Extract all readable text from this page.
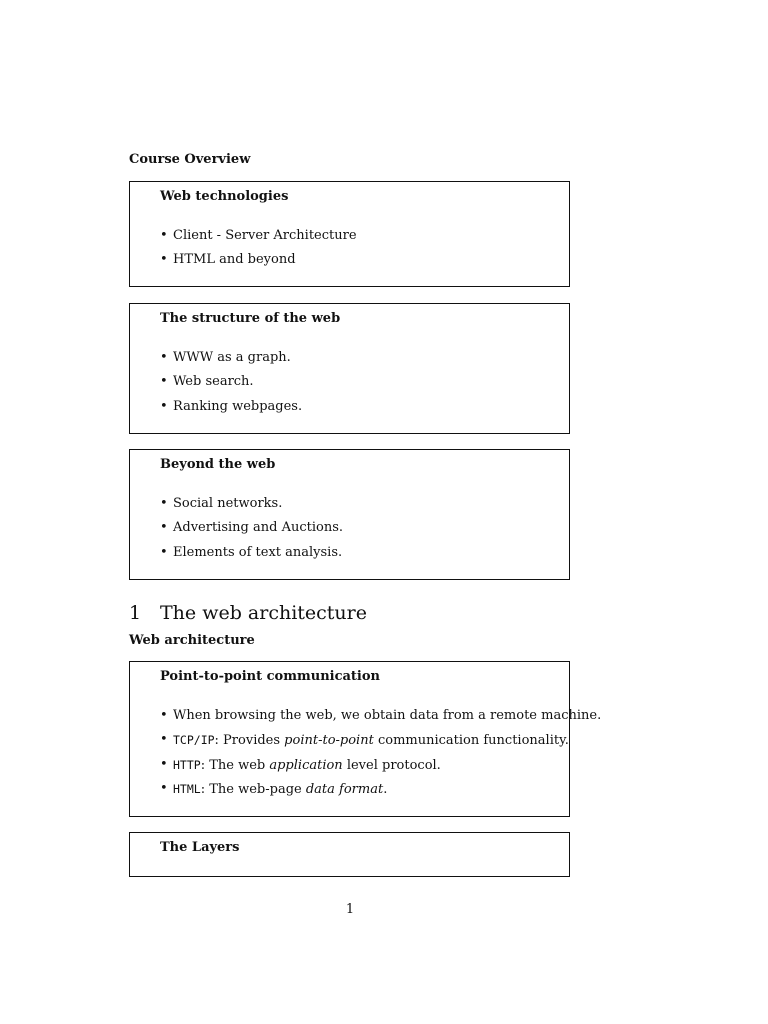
Course Overview
Web technologies
• Client - Server Architecture
• HTML and beyond
The structure of the web
• WWW as a graph.
• Web search.
• Ranking webpages.
Beyond the web
• Social networks.
• Advertising and Auctions.
• Elements of text analysis.
1 The web architecture
Web architecture
Point-to-point communication
• When browsing the web, we obtain data from a remote machine.
• TCP/IP: Provides point-to-point communication functionality.
• HTTP: The web application level protocol.
• HTML: The web-page data format.
The Layers
1
